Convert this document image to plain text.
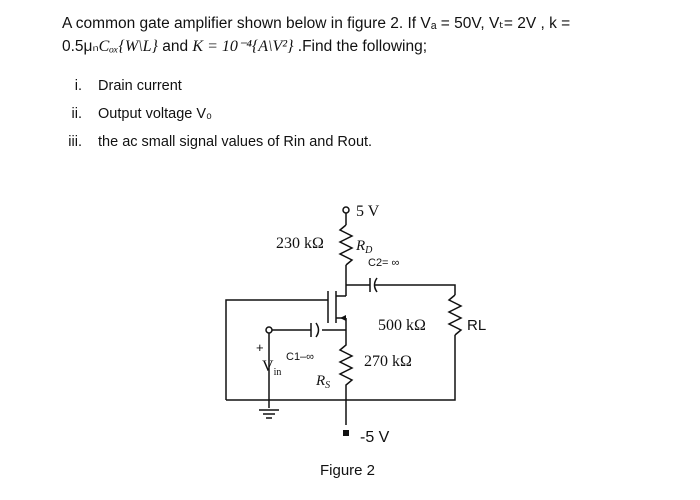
A common gate amplifier shown below in figure 2. If Vₐ = 50V, Vₜ= 2V , k =
0.5μₙCₒₓ{W\L} and K = 10⁻⁴{A\V²} .Find the following;
i. Drain current
ii. Output voltage V₀
iii. the ac small signal values of Rin and Rout.
5 V
230 kΩ $R_D$
C2= ∞
500 kΩ	RL
C1–∞
+
$V_{in}$
$R_S$
270 kΩ
-5 V
Figure 2
